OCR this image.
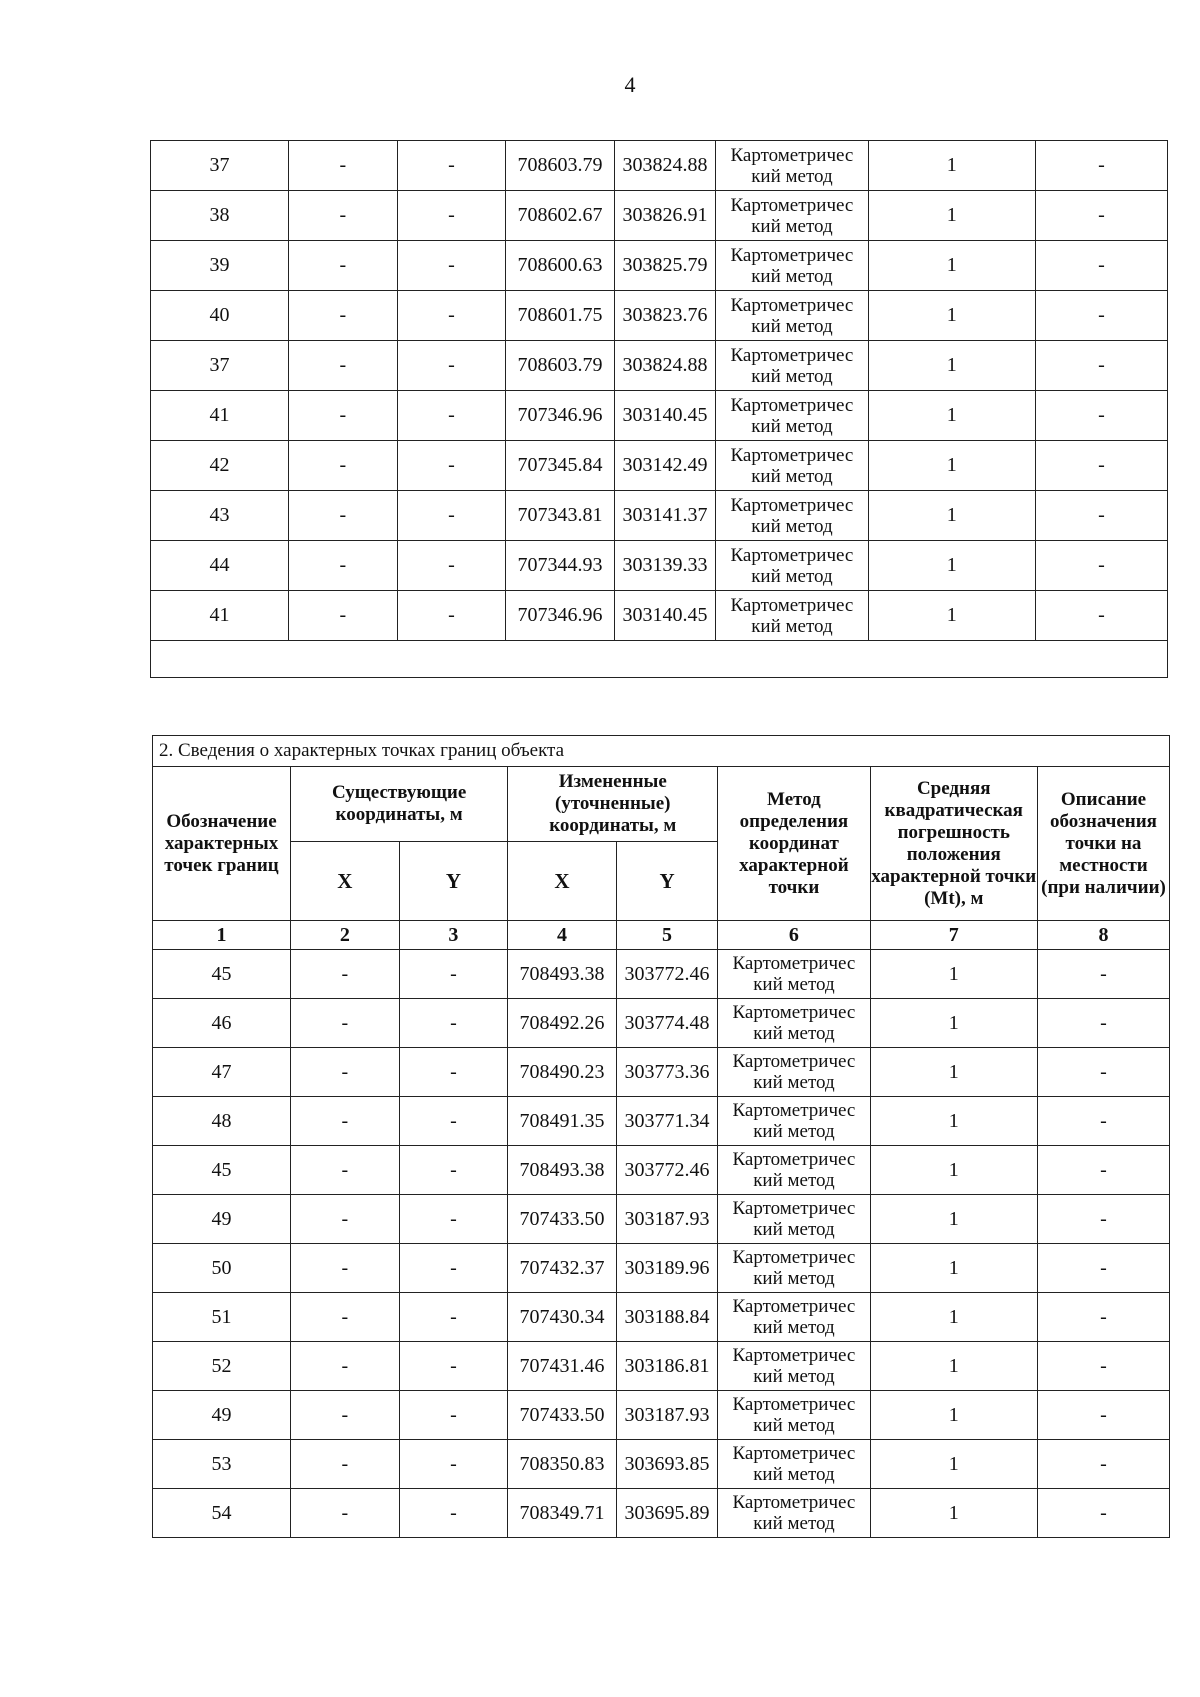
4
37	-	-	708603.79	303824.88	Картометричес кий метод	1	-
38	-	-	708602.67	303826.91	Картометричес кий метод	1	-
39	-	-	708600.63	303825.79	Картометричес кий метод	1	-
40	-	-	708601.75	303823.76	Картометричес кий метод	1	-
37	-	-	708603.79	303824.88	Картометричес кий метод	1	-
41	-	-	707346.96	303140.45	Картометричес кий метод	1	-
42	-	-	707345.84	303142.49	Картометричес кий метод	1	-
43	-	-	707343.81	303141.37	Картометричес кий метод	1	-
44	-	-	707344.93	303139.33	Картометричес кий метод	1	-
41	-	-	707346.96	303140.45	Картометричес кий метод	1	-

2. Сведения о характерных точках границ объекта							
Обозначение характерных точек границ	Существующие координаты, м		Измененные (уточненные) координаты, м		Метод определения координат характерной точки	Средняя квадратическая погрешность положения характерной точки (Mt), м	Описание обозначения точки на местности (при наличии)
	X	Y	X	Y			
1	2	3	4	5	6	7	8
45	-	-	708493.38	303772.46	Картометричес кий метод	1	-
46	-	-	708492.26	303774.48	Картометричес кий метод	1	-
47	-	-	708490.23	303773.36	Картометричес кий метод	1	-
48	-	-	708491.35	303771.34	Картометричес кий метод	1	-
45	-	-	708493.38	303772.46	Картометричес кий метод	1	-
49	-	-	707433.50	303187.93	Картометричес кий метод	1	-
50	-	-	707432.37	303189.96	Картометричес кий метод	1	-
51	-	-	707430.34	303188.84	Картометричес кий метод	1	-
52	-	-	707431.46	303186.81	Картометричес кий метод	1	-
49	-	-	707433.50	303187.93	Картометричес кий метод	1	-
53	-	-	708350.83	303693.85	Картометричес кий метод	1	-
54	-	-	708349.71	303695.89	Картометричес кий метод	1	-
